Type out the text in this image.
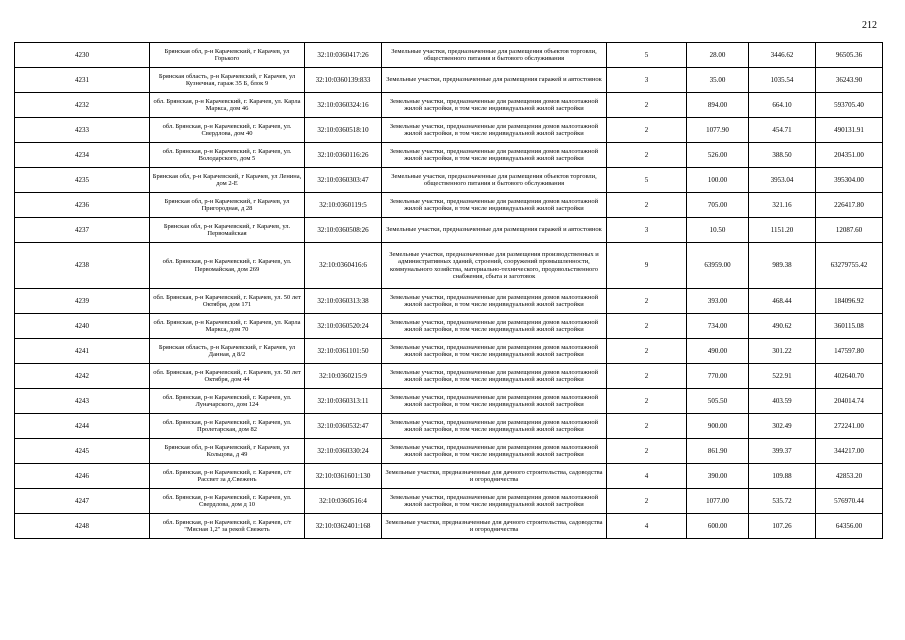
212
4230	Брянская обл, р-н Карачевский, г Карачев, ул Горького	32:10:0360417:26	Земельные участки, предназначенные для размещения объектов торговли, общественного питания и бытового обслуживания	5	28.00	3446.62	96505.36
4231	Брянская область, р-н Карачевский, г Карачев, ул Кузнечная, гараж 35 Б, блок 9	32:10:0360139:833	Земельные участки, предназначенные для размещения гаражей и автостоянок	3	35.00	1035.54	36243.90
4232	обл. Брянская, р-н Карачевский, г. Карачев, ул. Карла Маркса, дом 46	32:10:0360324:16	Земельные участки, предназначенные для размещения домов малоэтажной жилой застройки, в том числе индивидуальной жилой застройки	2	894.00	664.10	593705.40
4233	обл. Брянская, р-н Карачевский, г. Карачев, ул. Свердлова, дом 40	32:10:0360518:10	Земельные участки, предназначенные для размещения домов малоэтажной жилой застройки, в том числе индивидуальной жилой застройки	2	1077.90	454.71	490131.91
4234	обл. Брянская, р-н Карачевский, г. Карачев, ул. Володарского, дом 5	32:10:0360116:26	Земельные участки, предназначенные для размещения домов малоэтажной жилой застройки, в том числе индивидуальной жилой застройки	2	526.00	388.50	204351.00
4235	Брянская обл, р-н Карачевский, г Карачев, ул Ленина, дом 2-Е	32:10:0360303:47	Земельные участки, предназначенные для размещения объектов торговли, общественного питания и бытового обслуживания	5	100.00	3953.04	395304.00
4236	Брянская обл, р-н Карачевский, г Карачев, ул Пригородная, д 28	32:10:0360119:5	Земельные участки, предназначенные для размещения домов малоэтажной жилой застройки, в том числе индивидуальной жилой застройки	2	705.00	321.16	226417.80
4237	Брянская обл, р-н Карачевский, г Карачев, ул. Первомайская	32:10:0360508:26	Земельные участки, предназначенные для размещения гаражей и автостоянок	3	10.50	1151.20	12087.60
4238	обл. Брянская, р-н Карачевский, г. Карачев, ул. Первомайская, дом 269	32:10:0360416:6	Земельные участки, предназначенные для размещения производственных и административных зданий, строений, сооружений промышленности, коммунального хозяйства, материально-технического, продовольственного снабжения, сбыта и заготовок	9	63959.00	989.38	63279755.42
4239	обл. Брянская, р-н Карачевский, г. Карачев, ул. 50 лет Октября, дом 171	32:10:0360313:38	Земельные участки, предназначенные для размещения домов малоэтажной жилой застройки, в том числе индивидуальной жилой застройки	2	393.00	468.44	184096.92
4240	обл. Брянская, р-н Карачевский, г. Карачев, ул. Карла Маркса, дом 70	32:10:0360520:24	Земельные участки, предназначенные для размещения домов малоэтажной жилой застройки, в том числе индивидуальной жилой застройки	2	734.00	490.62	360115.08
4241	Брянская область, р-н Карачевский, г Карачев, ул Данная, д 8/2	32:10:0361101:50	Земельные участки, предназначенные для размещения домов малоэтажной жилой застройки, в том числе индивидуальной жилой застройки	2	490.00	301.22	147597.80
4242	обл. Брянская, р-н Карачевский, г. Карачев, ул. 50 лет Октября, дом 44	32:10:0360215:9	Земельные участки, предназначенные для размещения домов малоэтажной жилой застройки, в том числе индивидуальной жилой застройки	2	770.00	522.91	402640.70
4243	обл. Брянская, р-н Карачевский, г. Карачев, ул. Луначарского, дом 124	32:10:0360313:11	Земельные участки, предназначенные для размещения домов малоэтажной жилой застройки, в том числе индивидуальной жилой застройки	2	505.50	403.59	204014.74
4244	обл. Брянская, р-н Карачевский, г. Карачев, ул. Пролетарская, дом 82	32:10:0360532:47	Земельные участки, предназначенные для размещения домов малоэтажной жилой застройки, в том числе индивидуальной жилой застройки	2	900.00	302.49	272241.00
4245	Брянская обл, р-н Карачевский, г Карачев, ул Кольцова, д 49	32:10:0360330:24	Земельные участки, предназначенные для размещения домов малоэтажной жилой застройки, в том числе индивидуальной жилой застройки	2	861.90	399.37	344217.00
4246	обл. Брянская, р-н Карачевский, г. Карачев, с/т Рассвет за д.Свеженъ	32:10:0361601:130	Земельные участки, предназначенные для дачного строительства, садоводства и огородничества	4	390.00	109.88	42853.20
4247	обл. Брянская, р-н Карачевский, г. Карачев, ул. Свердлова, дом д 10	32:10:0360516:4	Земельные участки, предназначенные для размещения домов малоэтажной жилой застройки, в том числе индивидуальной жилой застройки	2	1077.00	535.72	576970.44
4248	обл. Брянская, р-н Карачевский, г. Карачев, с/т "Мясная 1,2" за рекой Свежеть	32:10:0362401:168	Земельные участки, предназначенные для дачного строительства, садоводства и огородничества	4	600.00	107.26	64356.00
